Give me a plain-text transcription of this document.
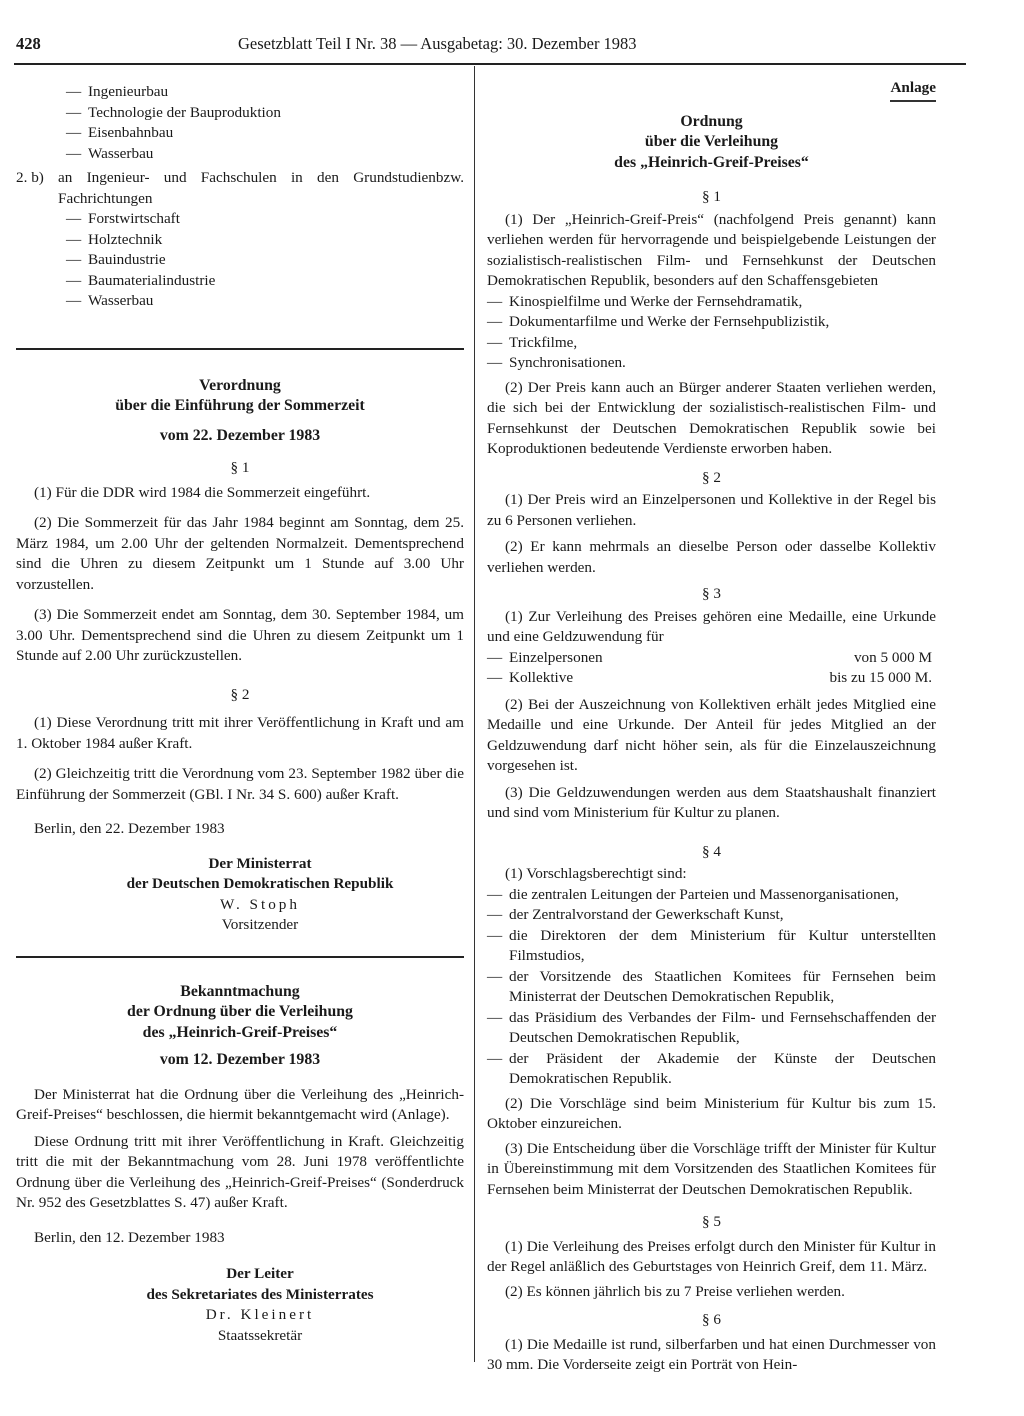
428	Gesetzblatt Teil I Nr. 38 — Ausgabetag: 30. Dezember 1983
— Ingenieurbau
— Technologie der Bauproduktion
— Eisenbahnbau
— Wasserbau
2. b) an Ingenieur- und Fachschulen in den Grundstudienbzw. Fachrichtungen
— Forstwirtschaft
— Holztechnik
— Bauindustrie
— Baumaterialindustrie
— Wasserbau
Verordnung
über die Einführung der Sommerzeit
vom 22. Dezember 1983
§ 1
(1) Für die DDR wird 1984 die Sommerzeit eingeführt.
(2) Die Sommerzeit für das Jahr 1984 beginnt am Sonntag, dem 25. März 1984, um 2.00 Uhr der geltenden Normalzeit. Dementsprechend sind die Uhren zu diesem Zeitpunkt um 1 Stunde auf 3.00 Uhr vorzustellen.
(3) Die Sommerzeit endet am Sonntag, dem 30. September 1984, um 3.00 Uhr. Dementsprechend sind die Uhren zu diesem Zeitpunkt um 1 Stunde auf 2.00 Uhr zurückzustellen.
§ 2
(1) Diese Verordnung tritt mit ihrer Veröffentlichung in Kraft und am 1. Oktober 1984 außer Kraft.
(2) Gleichzeitig tritt die Verordnung vom 23. September 1982 über die Einführung der Sommerzeit (GBl. I Nr. 34 S. 600) außer Kraft.
Berlin, den 22. Dezember 1983
Der Ministerrat
der Deutschen Demokratischen Republik
W. Stoph
Vorsitzender
Bekanntmachung
der Ordnung über die Verleihung
des „Heinrich-Greif-Preises“
vom 12. Dezember 1983
Der Ministerrat hat die Ordnung über die Verleihung des „Heinrich-Greif-Preises“ beschlossen, die hiermit bekanntgemacht wird (Anlage).
Diese Ordnung tritt mit ihrer Veröffentlichung in Kraft. Gleichzeitig tritt die mit der Bekanntmachung vom 28. Juni 1978 veröffentlichte Ordnung über die Verleihung des „Heinrich-Greif-Preises“ (Sonderdruck Nr. 952 des Gesetzblattes S. 47) außer Kraft.
Berlin, den 12. Dezember 1983
Der Leiter
des Sekretariates des Ministerrates
Dr. Kleinert
Staatssekretär
Anlage
Ordnung
über die Verleihung
des „Heinrich-Greif-Preises“
§ 1
(1) Der „Heinrich-Greif-Preis“ (nachfolgend Preis genannt) kann verliehen werden für hervorragende und beispielgebende Leistungen der sozialistisch-realistischen Film- und Fernsehkunst der Deutschen Demokratischen Republik, besonders auf den Schaffensgebieten
— Kinospielfilme und Werke der Fernsehdramatik,
— Dokumentarfilme und Werke der Fernsehpublizistik,
— Trickfilme,
— Synchronisationen.
(2) Der Preis kann auch an Bürger anderer Staaten verliehen werden, die sich bei der Entwicklung der sozialistisch-realistischen Film- und Fernsehkunst der Deutschen Demokratischen Republik sowie bei Koproduktionen bedeutende Verdienste erworben haben.
§ 2
(1) Der Preis wird an Einzelpersonen und Kollektive in der Regel bis zu 6 Personen verliehen.
(2) Er kann mehrmals an dieselbe Person oder dasselbe Kollektiv verliehen werden.
§ 3
(1) Zur Verleihung des Preises gehören eine Medaille, eine Urkunde und eine Geldzuwendung für
— Einzelpersonen	von 5 000 M
— Kollektive	bis zu 15 000 M.
(2) Bei der Auszeichnung von Kollektiven erhält jedes Mitglied eine Medaille und eine Urkunde. Der Anteil für jedes Mitglied an der Geldzuwendung darf nicht höher sein, als für die Einzelauszeichnung vorgesehen ist.
(3) Die Geldzuwendungen werden aus dem Staatshaushalt finanziert und sind vom Ministerium für Kultur zu planen.
§ 4
(1) Vorschlagsberechtigt sind:
— die zentralen Leitungen der Parteien und Massenorganisationen,
— der Zentralvorstand der Gewerkschaft Kunst,
— die Direktoren der dem Ministerium für Kultur unterstellten Filmstudios,
— der Vorsitzende des Staatlichen Komitees für Fernsehen beim Ministerrat der Deutschen Demokratischen Republik,
— das Präsidium des Verbandes der Film- und Fernsehschaffenden der Deutschen Demokratischen Republik,
— der Präsident der Akademie der Künste der Deutschen Demokratischen Republik.
(2) Die Vorschläge sind beim Ministerium für Kultur bis zum 15. Oktober einzureichen.
(3) Die Entscheidung über die Vorschläge trifft der Minister für Kultur in Übereinstimmung mit dem Vorsitzenden des Staatlichen Komitees für Fernsehen beim Ministerrat der Deutschen Demokratischen Republik.
§ 5
(1) Die Verleihung des Preises erfolgt durch den Minister für Kultur in der Regel anläßlich des Geburtstages von Heinrich Greif, dem 11. März.
(2) Es können jährlich bis zu 7 Preise verliehen werden.
§ 6
(1) Die Medaille ist rund, silberfarben und hat einen Durchmesser von 30 mm. Die Vorderseite zeigt ein Porträt von Hein-
